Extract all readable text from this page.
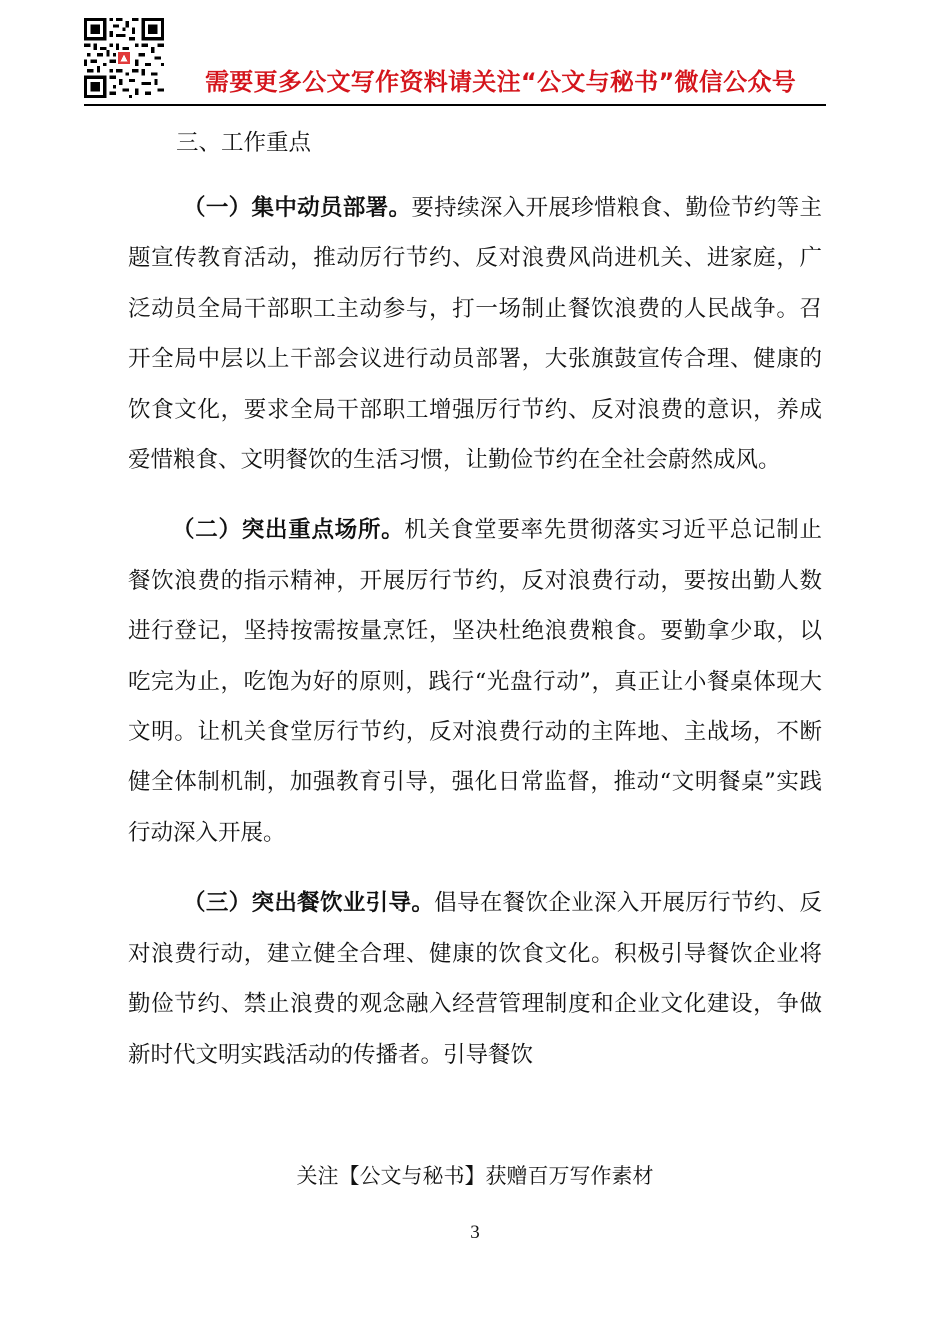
需要更多公文写作资料请关注“公文与秘书”微信公众号
三、工作重点

（一）集中动员部署。要持续深入开展珍惜粮食、勤俭节约等主题宣传教育活动，推动厉行节约、反对浪费风尚进机关、进家庭，广泛动员全局干部职工主动参与，打一场制止餐饮浪费的人民战争。召开全局中层以上干部会议进行动员部署，大张旗鼓宣传合理、健康的饮食文化，要求全局干部职工增强厉行节约、反对浪费的意识，养成爱惜粮食、文明餐饮的生活习惯，让勤俭节约在全社会蔚然成风。

（二）突出重点场所。机关食堂要率先贯彻落实习近平总记制止餐饮浪费的指示精神，开展厉行节约，反对浪费行动，要按出勤人数进行登记，坚持按需按量烹饪，坚决杜绝浪费粮食。要勤拿少取，以吃完为止，吃饱为好的原则，践行“光盘行动”，真正让小餐桌体现大文明。让机关食堂厉行节约，反对浪费行动的主阵地、主战场，不断健全体制机制，加强教育引导，强化日常监督，推动“文明餐桌”实践行动深入开展。

（三）突出餐饮业引导。倡导在餐饮企业深入开展厉行节约、反对浪费行动，建立健全合理、健康的饮食文化。积极引导餐饮企业将勤俭节约、禁止浪费的观念融入经营管理制度和企业文化建设，争做新时代文明实践活动的传播者。引导餐饮

关注【公文与秘书】获赠百万写作素材
3
